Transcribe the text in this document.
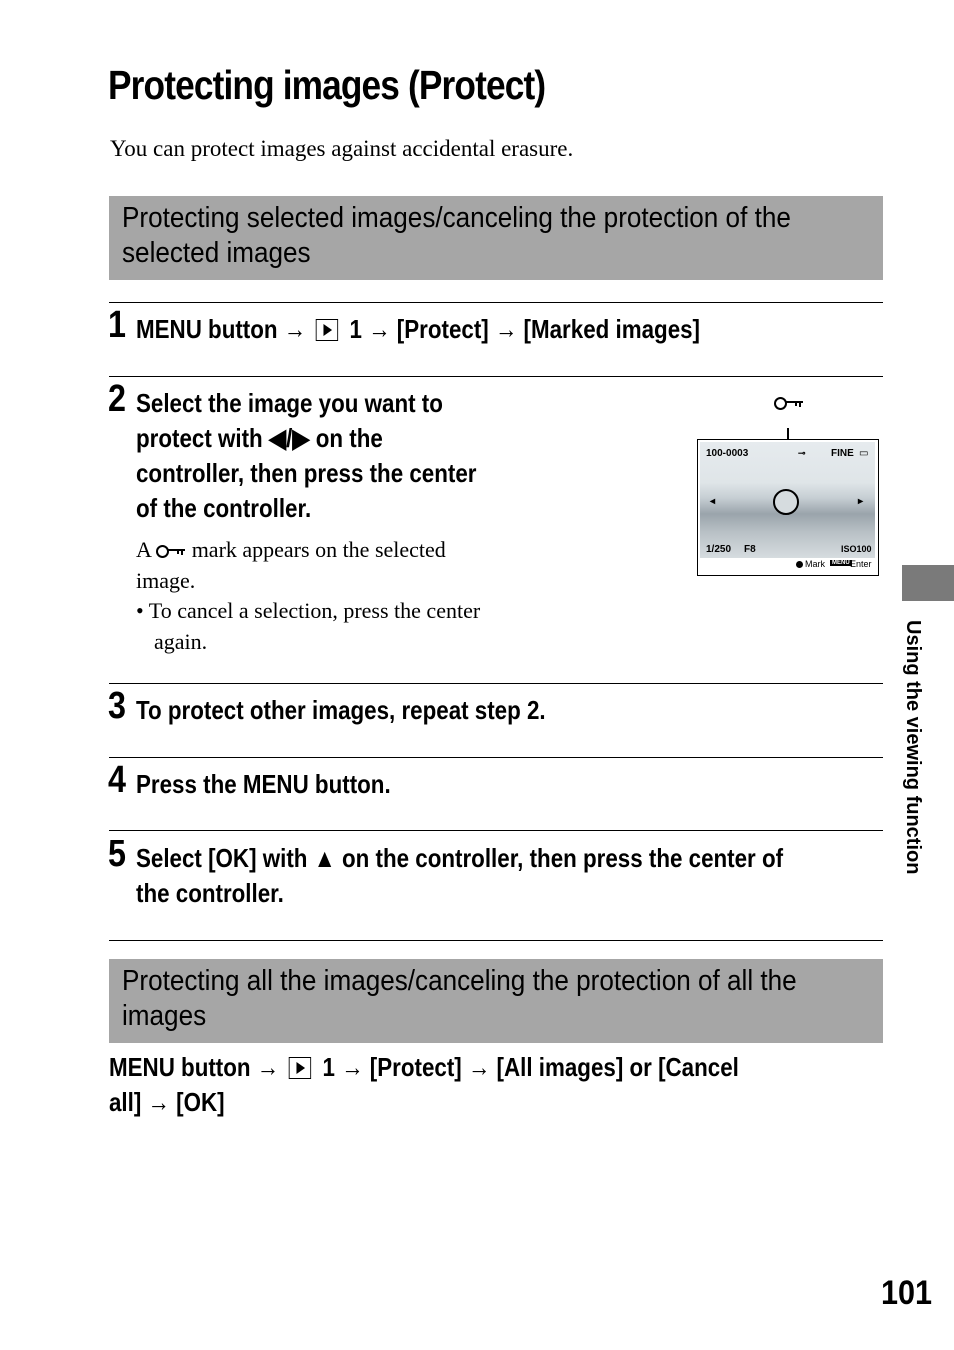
Protecting images (Protect)
You can protect images against accidental erasure.
Protecting selected images/canceling the protection of the
selected images
1 MENU button → 1 → [Protect] → [Marked images]
2 Select the image you want to
protect with ◀/▶ on the
controller, then press the center
of the controller.
A mark appears on the selected
image.
• To cancel a selection, press the center
again.
100-0003	⊸	FINE ▭
◂	▸
1/250 F8	ISO100
Mark	MENU Enter
3 To protect other images, repeat step 2.
4 Press the MENU button.
5 Select [OK] with ▲ on the controller, then press the center of
the controller.
Protecting all the images/canceling the protection of all the
images
MENU button → 1 → [Protect] → [All images] or [Cancel
all] → [OK]
Using the viewing function
101
